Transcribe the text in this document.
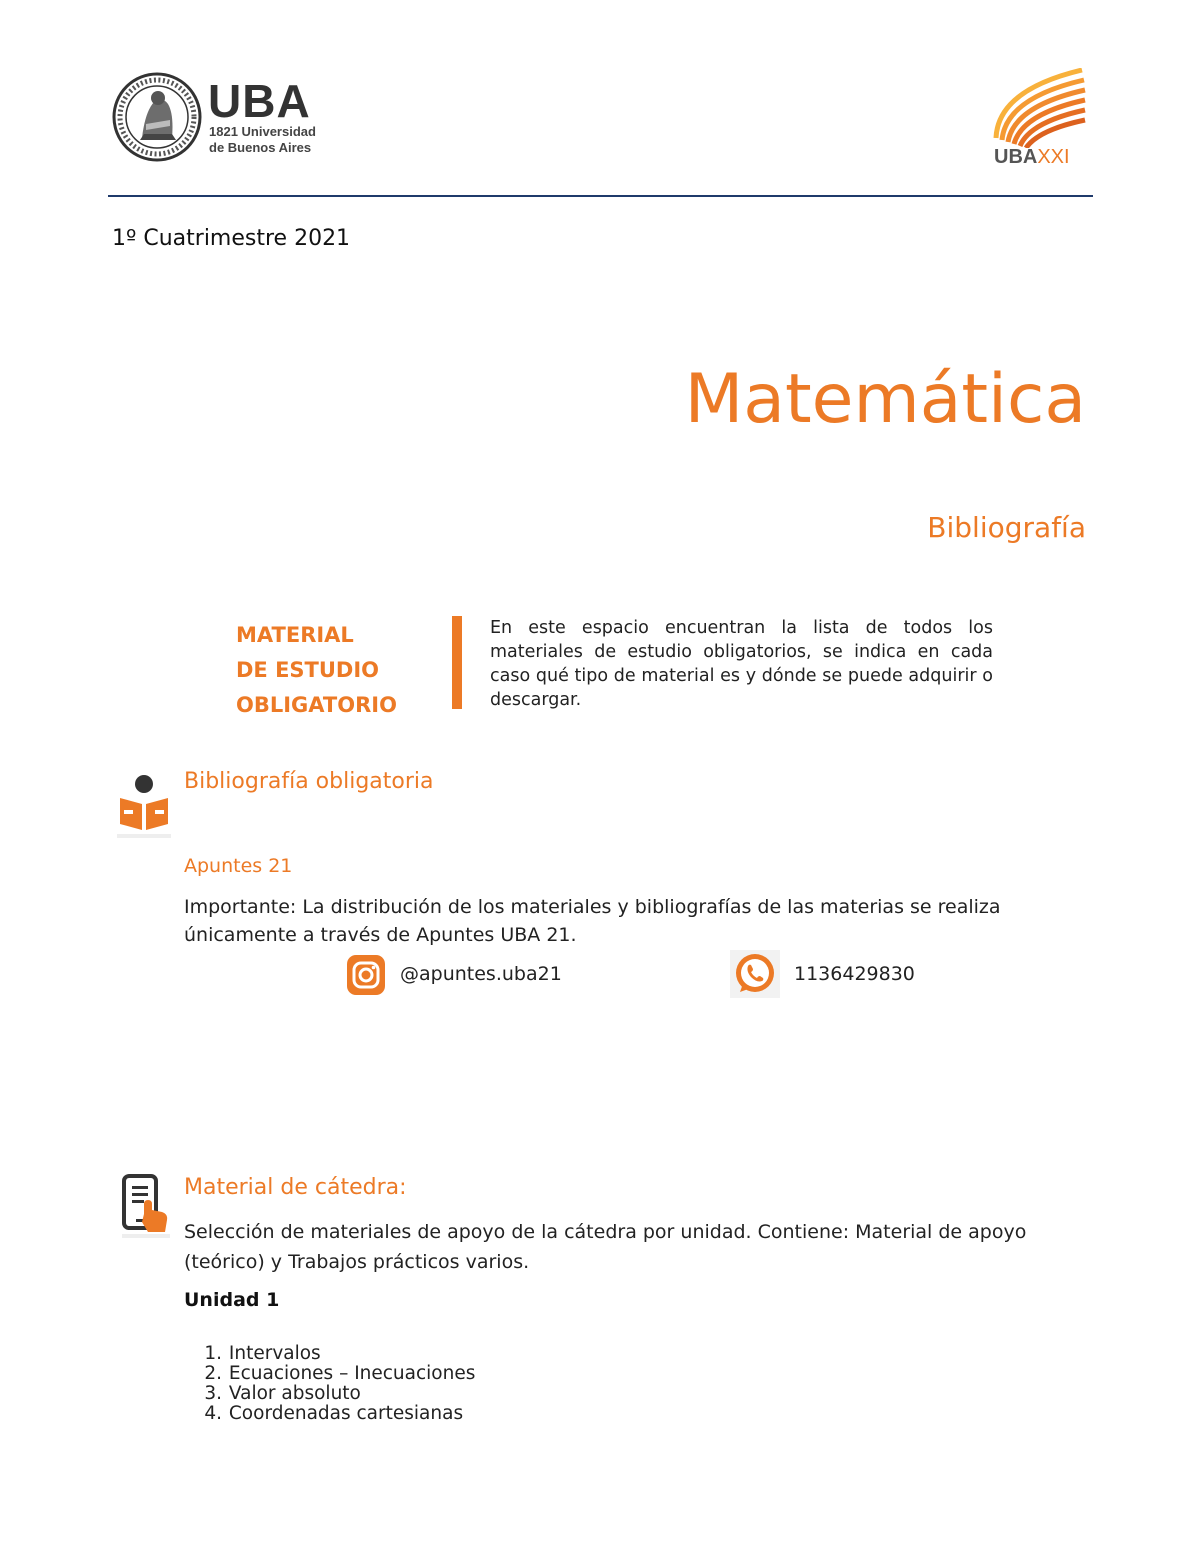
UBA
1821 Universidad
de Buenos Aires	UBAXXI
1º Cuatrimestre 2021
Matemática
Bibliografía
MATERIAL
DE ESTUDIO
OBLIGATORIO
En este espacio encuentran la lista de todos los materiales de estudio obligatorios, se indica en cada caso qué tipo de material es y dónde se puede adquirir o descargar.
Bibliografía obligatoria
Apuntes 21
Importante: La distribución de los materiales y bibliografías de las materias se realiza únicamente a través de Apuntes UBA 21.
@apuntes.uba21	1136429830
Material de cátedra:
Selección de materiales de apoyo de la cátedra por unidad. Contiene: Material de apoyo (teórico) y Trabajos prácticos varios.
Unidad 1
1. Intervalos
2. Ecuaciones – Inecuaciones
3. Valor absoluto
4. Coordenadas cartesianas
